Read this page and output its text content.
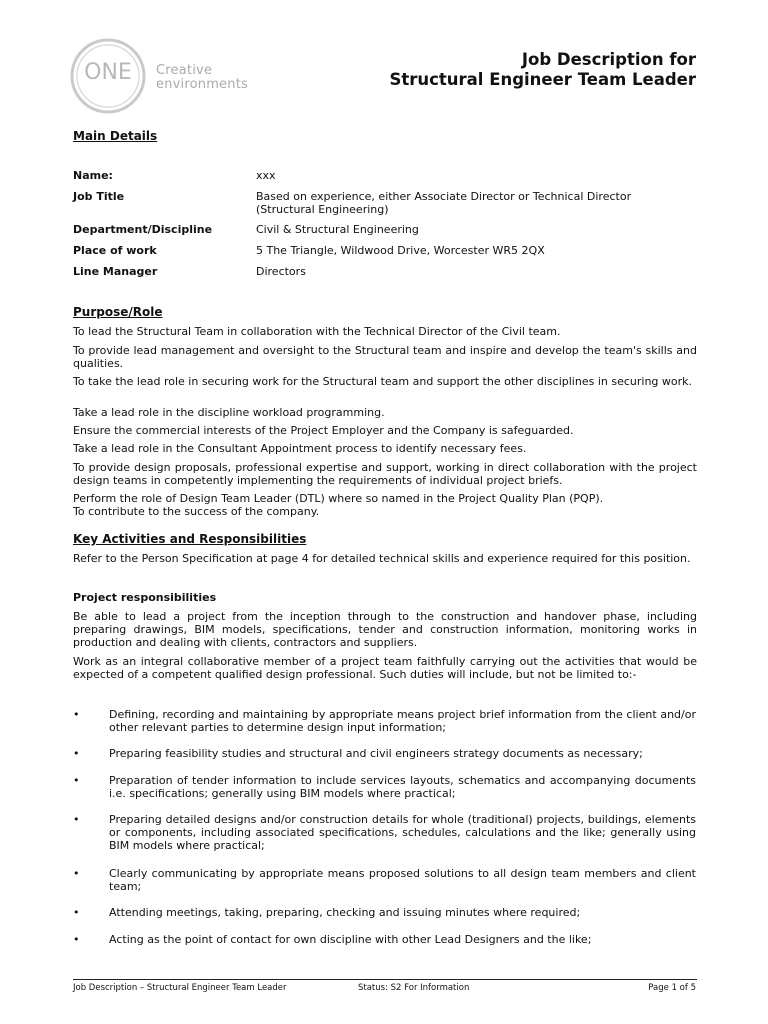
ONE	Creative
environments
Job Description for
Structural Engineer Team Leader
Main Details
Name:	xxx
Job Title	Based on experience, either Associate Director or Technical Director (Structural Engineering)
Department/Discipline	Civil & Structural Engineering
Place of work	5 The Triangle, Wildwood Drive, Worcester WR5 2QX
Line Manager	Directors
Purpose/Role
To lead the Structural Team in collaboration with the Technical Director of the Civil team.
To provide lead management and oversight to the Structural team and inspire and develop the team's skills and qualities.
To take the lead role in securing work for the Structural team and support the other disciplines in securing work.
Take a lead role in the discipline workload programming.
Ensure the commercial interests of the Project Employer and the Company is safeguarded.
Take a lead role in the Consultant Appointment process to identify necessary fees.
To provide design proposals, professional expertise and support, working in direct collaboration with the project design teams in competently implementing the requirements of individual project briefs.
Perform the role of Design Team Leader (DTL) where so named in the Project Quality Plan (PQP).
To contribute to the success of the company.
Key Activities and Responsibilities
Refer to the Person Specification at page 4 for detailed technical skills and experience required for this position.
Project responsibilities
Be able to lead a project from the inception through to the construction and handover phase, including preparing drawings, BIM models, specifications, tender and construction information, monitoring works in production and dealing with clients, contractors and suppliers.
Work as an integral collaborative member of a project team faithfully carrying out the activities that would be expected of a competent qualified design professional. Such duties will include, but not be limited to:-
•	Defining, recording and maintaining by appropriate means project brief information from the client and/or other relevant parties to determine design input information;
•	Preparing feasibility studies and structural and civil engineers strategy documents as necessary;
•	Preparation of tender information to include services layouts, schematics and accompanying documents i.e. specifications; generally using BIM models where practical;
•	Preparing detailed designs and/or construction details for whole (traditional) projects, buildings, elements or components, including associated specifications, schedules, calculations and the like; generally using BIM models where practical;
•	Clearly communicating by appropriate means proposed solutions to all design team members and client team;
•	Attending meetings, taking, preparing, checking and issuing minutes where required;
•	Acting as the point of contact for own discipline with other Lead Designers and the like;
Job Description – Structural Engineer Team Leader	Status: S2 For Information	Page 1 of 5
